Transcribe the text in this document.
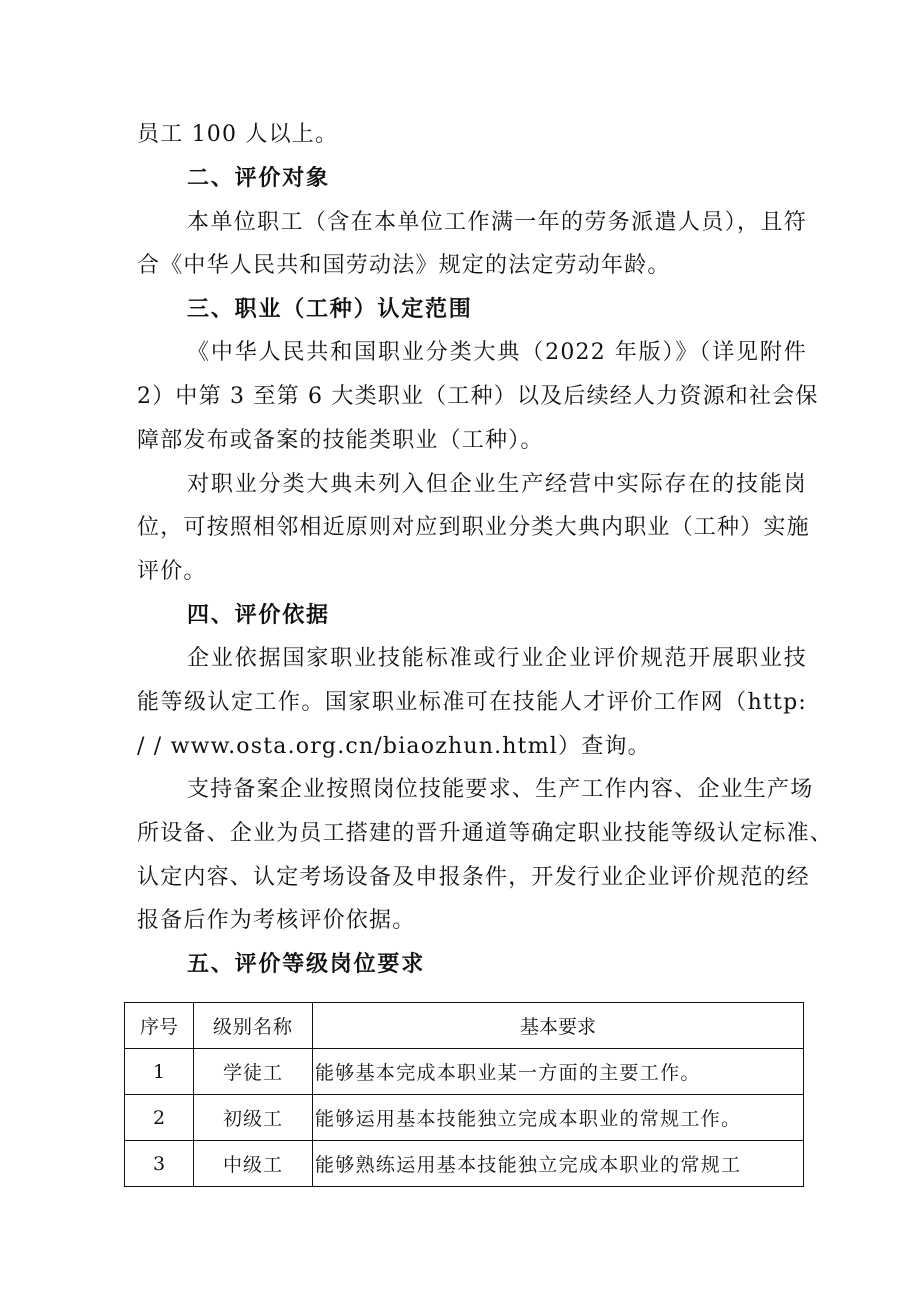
员工 100 人以上。
二、评价对象
本单位职工（含在本单位工作满一年的劳务派遣人员），且符
合《中华人民共和国劳动法》规定的法定劳动年龄。
三、职业（工种）认定范围
《中华人民共和国职业分类大典（2022 年版）》（详见附件
2）中第 3 至第 6 大类职业（工种）以及后续经人力资源和社会保
障部发布或备案的技能类职业（工种）。
对职业分类大典未列入但企业生产经营中实际存在的技能岗
位，可按照相邻相近原则对应到职业分类大典内职业（工种）实施
评价。
四、评价依据
企业依据国家职业技能标准或行业企业评价规范开展职业技
能等级认定工作。国家职业标准可在技能人才评价工作网（http:
/ / www.osta.org.cn/biaozhun.html）查询。
支持备案企业按照岗位技能要求、生产工作内容、企业生产场
所设备、企业为员工搭建的晋升通道等确定职业技能等级认定标准、
认定内容、认定考场设备及申报条件，开发行业企业评价规范的经
报备后作为考核评价依据。
五、评价等级岗位要求
序号	级别名称	基本要求
1	学徒工	能够基本完成本职业某一方面的主要工作。
2	初级工	能够运用基本技能独立完成本职业的常规工作。
3	中级工	能够熟练运用基本技能独立完成本职业的常规工
